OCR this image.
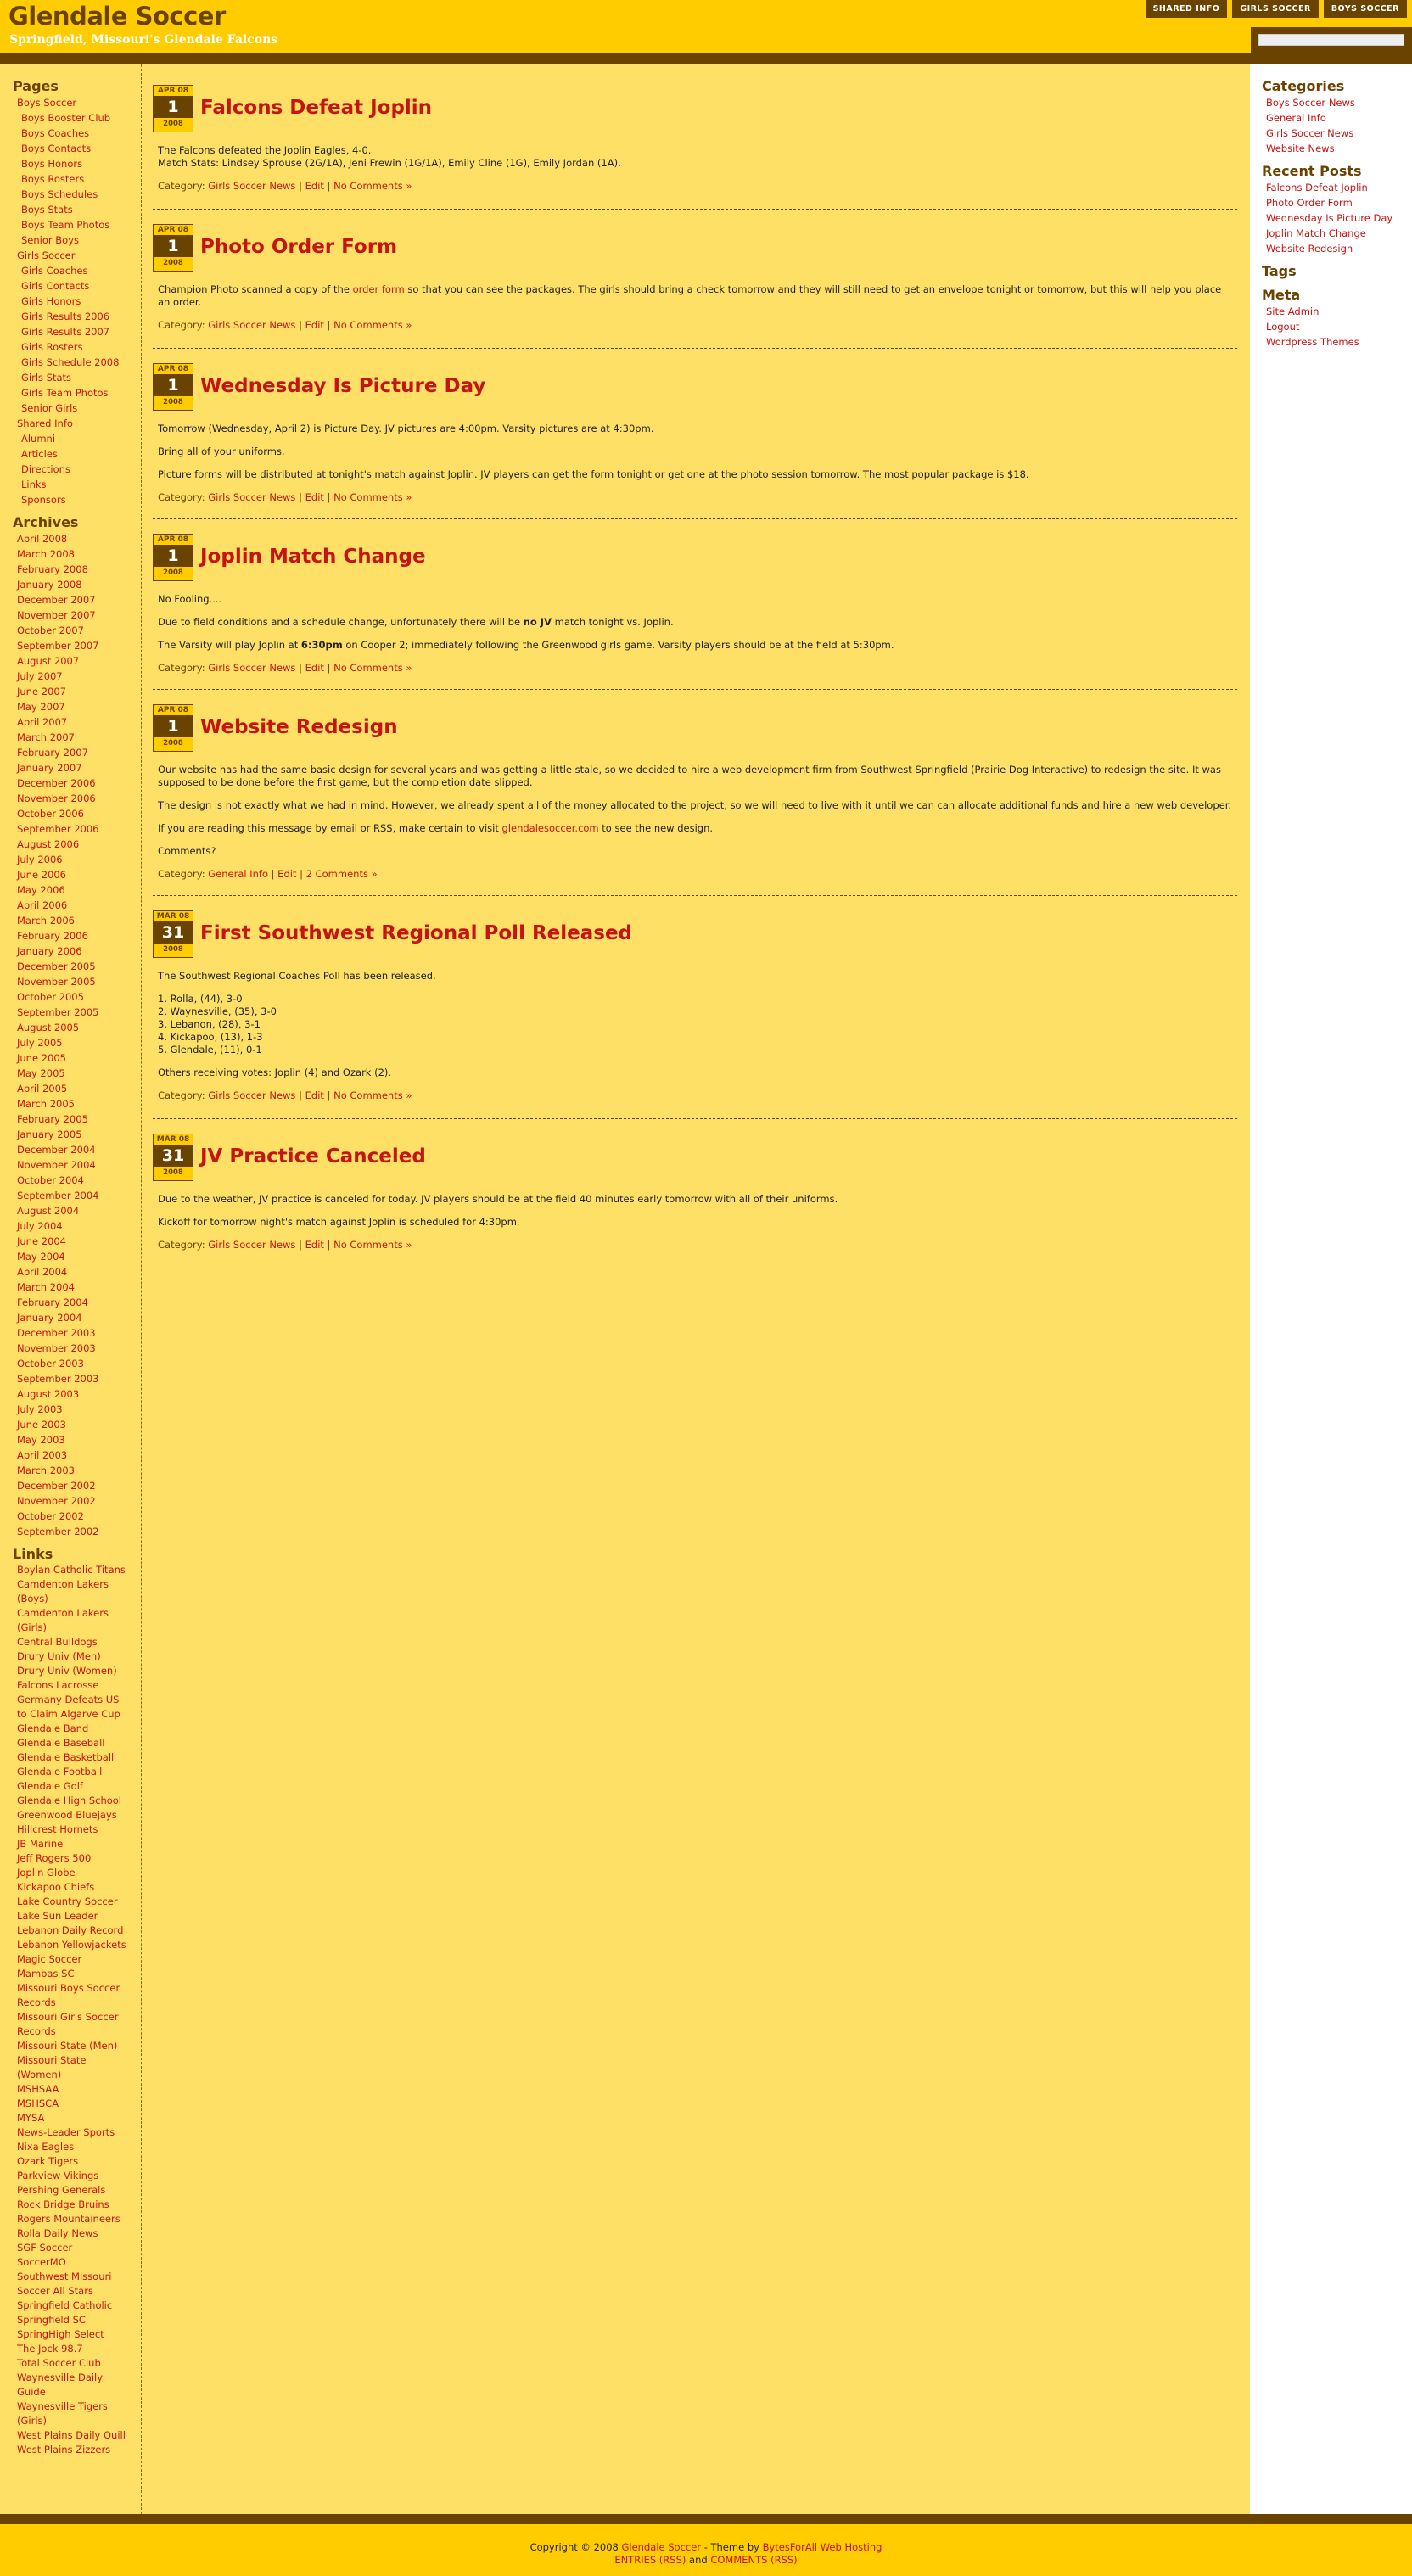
Glendale Soccer
Springfield, Missouri's Glendale Falcons
SHARED INFO	GIRLS SOCCER	BOYS SOCCER
Pages
Boys Soccer
Boys Booster Club
Boys Coaches
Boys Contacts
Boys Honors
Boys Rosters
Boys Schedules
Boys Stats
Boys Team Photos
Senior Boys
Girls Soccer
Girls Coaches
Girls Contacts
Girls Honors
Girls Results 2006
Girls Results 2007
Girls Rosters
Girls Schedule 2008
Girls Stats
Girls Team Photos
Senior Girls
Shared Info
Alumni
Articles
Directions
Links
Sponsors
Archives
April 2008
March 2008
February 2008
January 2008
December 2007
November 2007
October 2007
September 2007
August 2007
July 2007
June 2007
May 2007
April 2007
March 2007
February 2007
January 2007
December 2006
November 2006
October 2006
September 2006
August 2006
July 2006
June 2006
May 2006
April 2006
March 2006
February 2006
January 2006
December 2005
November 2005
October 2005
September 2005
August 2005
July 2005
June 2005
May 2005
April 2005
March 2005
February 2005
January 2005
December 2004
November 2004
October 2004
September 2004
August 2004
July 2004
June 2004
May 2004
April 2004
March 2004
February 2004
January 2004
December 2003
November 2003
October 2003
September 2003
August 2003
July 2003
June 2003
May 2003
April 2003
March 2003
December 2002
November 2002
October 2002
September 2002
Links
Boylan Catholic Titans
Camdenton Lakers (Boys)
Camdenton Lakers (Girls)
Central Bulldogs
Drury Univ (Men)
Drury Univ (Women)
Falcons Lacrosse
Germany Defeats US to Claim Algarve Cup
Glendale Band
Glendale Baseball
Glendale Basketball
Glendale Football
Glendale Golf
Glendale High School
Greenwood Bluejays
Hillcrest Hornets
JB Marine
Jeff Rogers 500
Joplin Globe
Kickapoo Chiefs
Lake Country Soccer
Lake Sun Leader
Lebanon Daily Record
Lebanon Yellowjackets
Magic Soccer
Mambas SC
Missouri Boys Soccer Records
Missouri Girls Soccer Records
Missouri State (Men)
Missouri State (Women)
MSHSAA
MSHSCA
MYSA
News-Leader Sports
Nixa Eagles
Ozark Tigers
Parkview Vikings
Pershing Generals
Rock Bridge Bruins
Rogers Mountaineers
Rolla Daily News
SGF Soccer
SoccerMO
Southwest Missouri Soccer All Stars
Springfield Catholic
Springfield SC
SpringHigh Select
The Jock 98.7
Total Soccer Club
Waynesville Daily Guide
Waynesville Tigers (Girls)
West Plains Daily Quill
West Plains Zizzers
APR 08
1
2008
Falcons Defeat Joplin

The Falcons defeated the Joplin Eagles, 4-0.
Match Stats: Lindsey Sprouse (2G/1A), Jeni Frewin (1G/1A), Emily Cline (1G), Emily Jordan (1A).

Category: Girls Soccer News | Edit | No Comments »

APR 08
1
2008
Photo Order Form

Champion Photo scanned a copy of the order form so that you can see the packages. The girls should bring a check tomorrow and they will still need to get an envelope tonight or tomorrow, but this will help you place an order.

Category: Girls Soccer News | Edit | No Comments »

APR 08
1
2008
Wednesday Is Picture Day

Tomorrow (Wednesday, April 2) is Picture Day. JV pictures are 4:00pm. Varsity pictures are at 4:30pm.

Bring all of your uniforms.

Picture forms will be distributed at tonight's match against Joplin. JV players can get the form tonight or get one at the photo session tomorrow. The most popular package is $18.

Category: Girls Soccer News | Edit | No Comments »

APR 08
1
2008
Joplin Match Change

No Fooling....

Due to field conditions and a schedule change, unfortunately there will be no JV match tonight vs. Joplin.

The Varsity will play Joplin at 6:30pm on Cooper 2; immediately following the Greenwood girls game. Varsity players should be at the field at 5:30pm.

Category: Girls Soccer News | Edit | No Comments »

APR 08
1
2008
Website Redesign

Our website has had the same basic design for several years and was getting a little stale, so we decided to hire a web development firm from Southwest Springfield (Prairie Dog Interactive) to redesign the site. It was supposed to be done before the first game, but the completion date slipped.

The design is not exactly what we had in mind. However, we already spent all of the money allocated to the project, so we will need to live with it until we can can allocate additional funds and hire a new web developer.

If you are reading this message by email or RSS, make certain to visit glendalesoccer.com to see the new design.

Comments?

Category: General Info | Edit | 2 Comments »

MAR 08
31
2008
First Southwest Regional Poll Released

The Southwest Regional Coaches Poll has been released.

1. Rolla, (44), 3-0
2. Waynesville, (35), 3-0
3. Lebanon, (28), 3-1
4. Kickapoo, (13), 1-3
5. Glendale, (11), 0-1

Others receiving votes: Joplin (4) and Ozark (2).

Category: Girls Soccer News | Edit | No Comments »

MAR 08
31
2008
JV Practice Canceled

Due to the weather, JV practice is canceled for today. JV players should be at the field 40 minutes early tomorrow with all of their uniforms.

Kickoff for tomorrow night's match against Joplin is scheduled for 4:30pm.

Category: Girls Soccer News | Edit | No Comments »

Categories
Boys Soccer News
General Info
Girls Soccer News
Website News
Recent Posts
Falcons Defeat Joplin
Photo Order Form
Wednesday Is Picture Day
Joplin Match Change
Website Redesign
Tags
Meta
Site Admin
Logout
Wordpress Themes
Copyright © 2008 Glendale Soccer - Theme by BytesForAll Web Hosting
ENTRIES (RSS) and COMMENTS (RSS)
